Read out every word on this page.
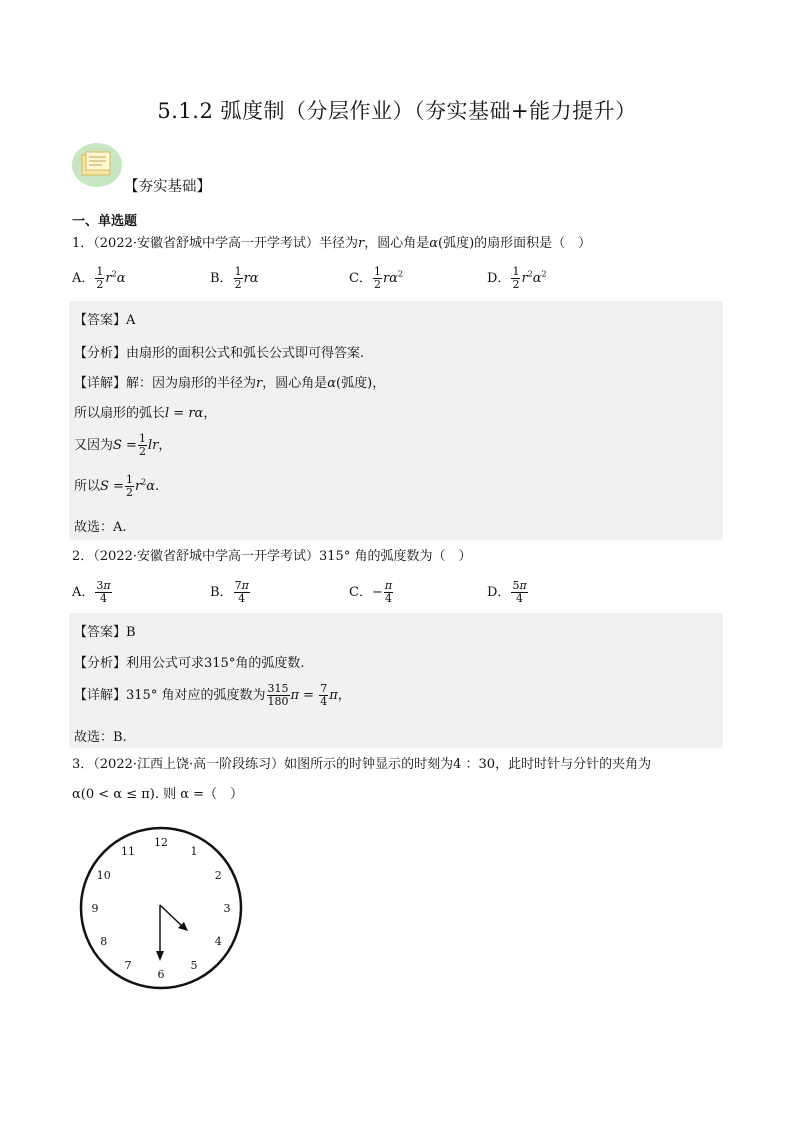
5.1.2 弧度制（分层作业）（夯实基础+能力提升）
【夯实基础】
一、单选题
1．（2022·安徽省舒城中学高一开学考试）半径为r，圆心角是α(弧度)的扇形面积是（　）
A． $\frac{1}{2} r^2\alpha$	B． $\frac{1}{2}$ rα	C． $\frac{1}{2} r\alpha^2$	D． $\frac{1}{2} r^2\alpha^2$
【答案】A
【分析】由扇形的面积公式和弧长公式即可得答案.
【详解】解：因为扇形的半径为r，圆心角是α(弧度)，
所以扇形的弧长l = rα，
又因为$S = \frac{1}{2}$ lr，
所以$S = \frac{1}{2} r^2\alpha$.
故选：A.
2．（2022·安徽省舒城中学高一开学考试）315° 角的弧度数为（　）
A． $\frac{3\pi}{4}$	B． $\frac{7\pi}{4}$	C．− $\frac{\pi}{4}$	D． $\frac{5\pi}{4}$
【答案】B
【分析】利用公式可求315°角的弧度数.
【详解】315° 角对应的弧度数为 $\frac{315}{180}$ $\pi = \frac{7}{4}$ π，
故选：B.
3．（2022·江西上饶·高一阶段练习）如图所示的时钟显示的时刻为4 ：30，此时时针与分针的夹角为
α(0 < α ≤ π). 则 α =（　）
12
1
2
3
4
5
6
7
8
9
10
11
